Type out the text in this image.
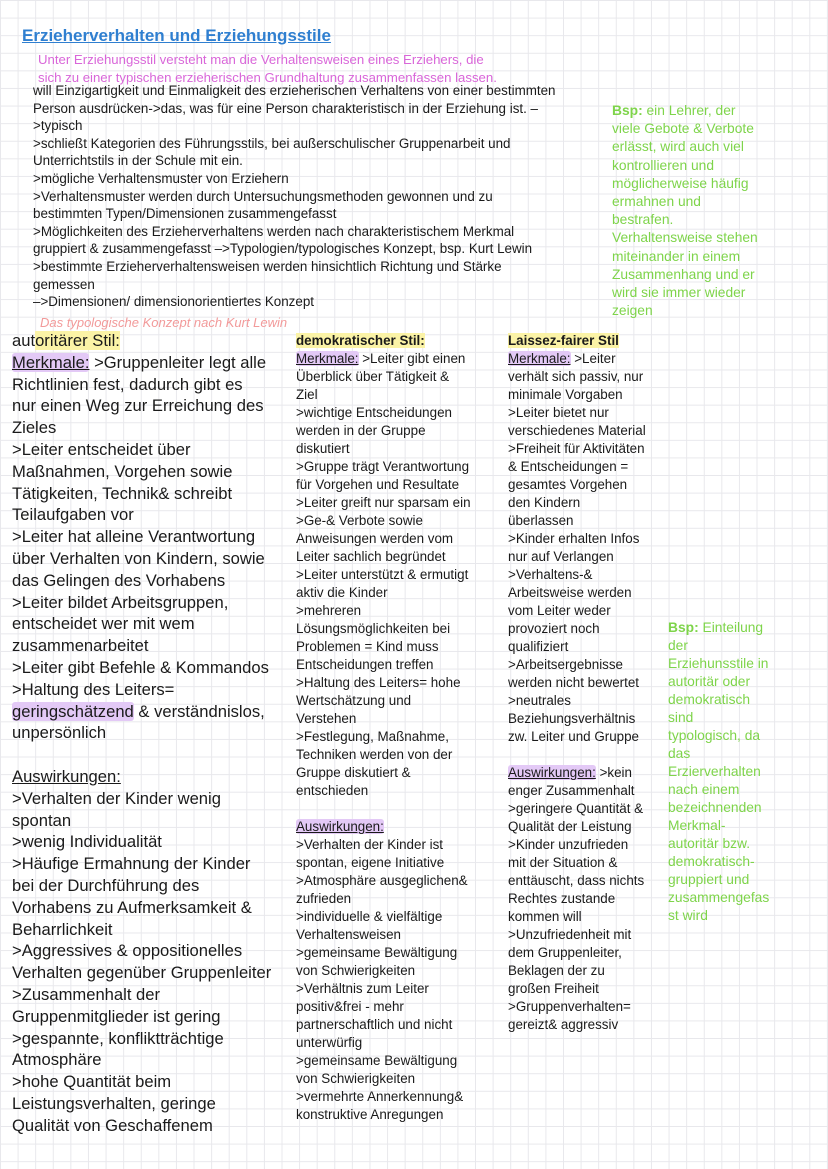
Erzieherverhalten und Erziehungsstile
Unter Erziehungsstil versteht man die Verhaltensweisen eines Erziehers, die
sich zu einer typischen erzieherischen Grundhaltung zusammenfassen lassen.
will Einzigartigkeit und Einmaligkeit des erzieherischen Verhaltens von einer bestimmten
Person ausdrücken->das, was für eine Person charakteristisch in der Erziehung ist. –
>typisch
>schließt Kategorien des Führungsstils, bei außerschulischer Gruppenarbeit und
Unterrichtstils in der Schule mit ein.
>mögliche Verhaltensmuster von Erziehern
>Verhaltensmuster werden durch Untersuchungsmethoden gewonnen und zu
bestimmten Typen/Dimensionen zusammengefasst
>Möglichkeiten des Erzieherverhaltens werden nach charakteristischem Merkmal
gruppiert & zusammengefasst –>Typologien/typologisches Konzept, bsp. Kurt Lewin
>bestimmte Erzieherverhaltensweisen werden hinsichtlich Richtung und Stärke
gemessen
–>Dimensionen/ dimensionorientiertes Konzept
Bsp: ein Lehrer, der
viele Gebote & Verbote
erlässt, wird auch viel
kontrollieren und
möglicherweise häufig
ermahnen und
bestrafen.
Verhaltensweise stehen
miteinander in einem
Zusammenhang und er
wird sie immer wieder
zeigen
Das typologische Konzept nach Kurt Lewin
autoritärer Stil:
Merkmale: >Gruppenleiter legt alle
Richtlinien fest, dadurch gibt es
nur einen Weg zur Erreichung des
Zieles
>Leiter entscheidet über
Maßnahmen, Vorgehen sowie
Tätigkeiten, Technik& schreibt
Teilaufgaben vor
>Leiter hat alleine Verantwortung
über Verhalten von Kindern, sowie
das Gelingen des Vorhabens
>Leiter bildet Arbeitsgruppen,
entscheidet wer mit wem
zusammenarbeitet
>Leiter gibt Befehle & Kommandos
>Haltung des Leiters=
geringschätzend & verständnislos,
unpersönlich
Auswirkungen:
>Verhalten der Kinder wenig
spontan
>wenig Individualität
>Häufige Ermahnung der Kinder
bei der Durchführung des
Vorhabens zu Aufmerksamkeit &
Beharrlichkeit
>Aggressives & oppositionelles
Verhalten gegenüber Gruppenleiter
>Zusammenhalt der
Gruppenmitglieder ist gering
>gespannte, konfliktträchtige
Atmosphäre
>hohe Quantität beim
Leistungsverhalten, geringe
Qualität von Geschaffenem
demokratischer Stil:
Merkmale: >Leiter gibt einen
Überblick über Tätigkeit &
Ziel
>wichtige Entscheidungen
werden in der Gruppe
diskutiert
>Gruppe trägt Verantwortung
für Vorgehen und Resultate
>Leiter greift nur sparsam ein
>Ge-& Verbote sowie
Anweisungen werden vom
Leiter sachlich begründet
>Leiter unterstützt & ermutigt
aktiv die Kinder
>mehreren
Lösungsmöglichkeiten bei
Problemen = Kind muss
Entscheidungen treffen
>Haltung des Leiters= hohe
Wertschätzung und
Verstehen
>Festlegung, Maßnahme,
Techniken werden von der
Gruppe diskutiert &
entschieden
Auswirkungen:
>Verhalten der Kinder ist
spontan, eigene Initiative
>Atmosphäre ausgeglichen&
zufrieden
>individuelle & vielfältige
Verhaltensweisen
>gemeinsame Bewältigung
von Schwierigkeiten
>Verhältnis zum Leiter
positiv&frei - mehr
partnerschaftlich und nicht
unterwürfig
>gemeinsame Bewältigung
von Schwierigkeiten
>vermehrte Annerkennung&
konstruktive Anregungen
Laissez-fairer Stil
Merkmale: >Leiter
verhält sich passiv, nur
minimale Vorgaben
>Leiter bietet nur
verschiedenes Material
>Freiheit für Aktivitäten
& Entscheidungen =
gesamtes Vorgehen
den Kindern
überlassen
>Kinder erhalten Infos
nur auf Verlangen
>Verhaltens-&
Arbeitsweise werden
vom Leiter weder
provoziert noch
qualifiziert
>Arbeitsergebnisse
werden nicht bewertet
>neutrales
Beziehungsverhältnis
zw. Leiter und Gruppe
Auswirkungen: >kein
enger Zusammenhalt
>geringere Quantität &
Qualität der Leistung
>Kinder unzufrieden
mit der Situation &
enttäuscht, dass nichts
Rechtes zustande
kommen will
>Unzufriedenheit mit
dem Gruppenleiter,
Beklagen der zu
großen Freiheit
>Gruppenverhalten=
gereizt& aggressiv
Bsp: Einteilung
der
Erziehunsstile in
autoritär oder
demokratisch
sind
typologisch, da
das
Erzierverhalten
nach einem
bezeichnenden
Merkmal-
autoritär bzw.
demokratisch-
gruppiert und
zusammengefas
st wird
